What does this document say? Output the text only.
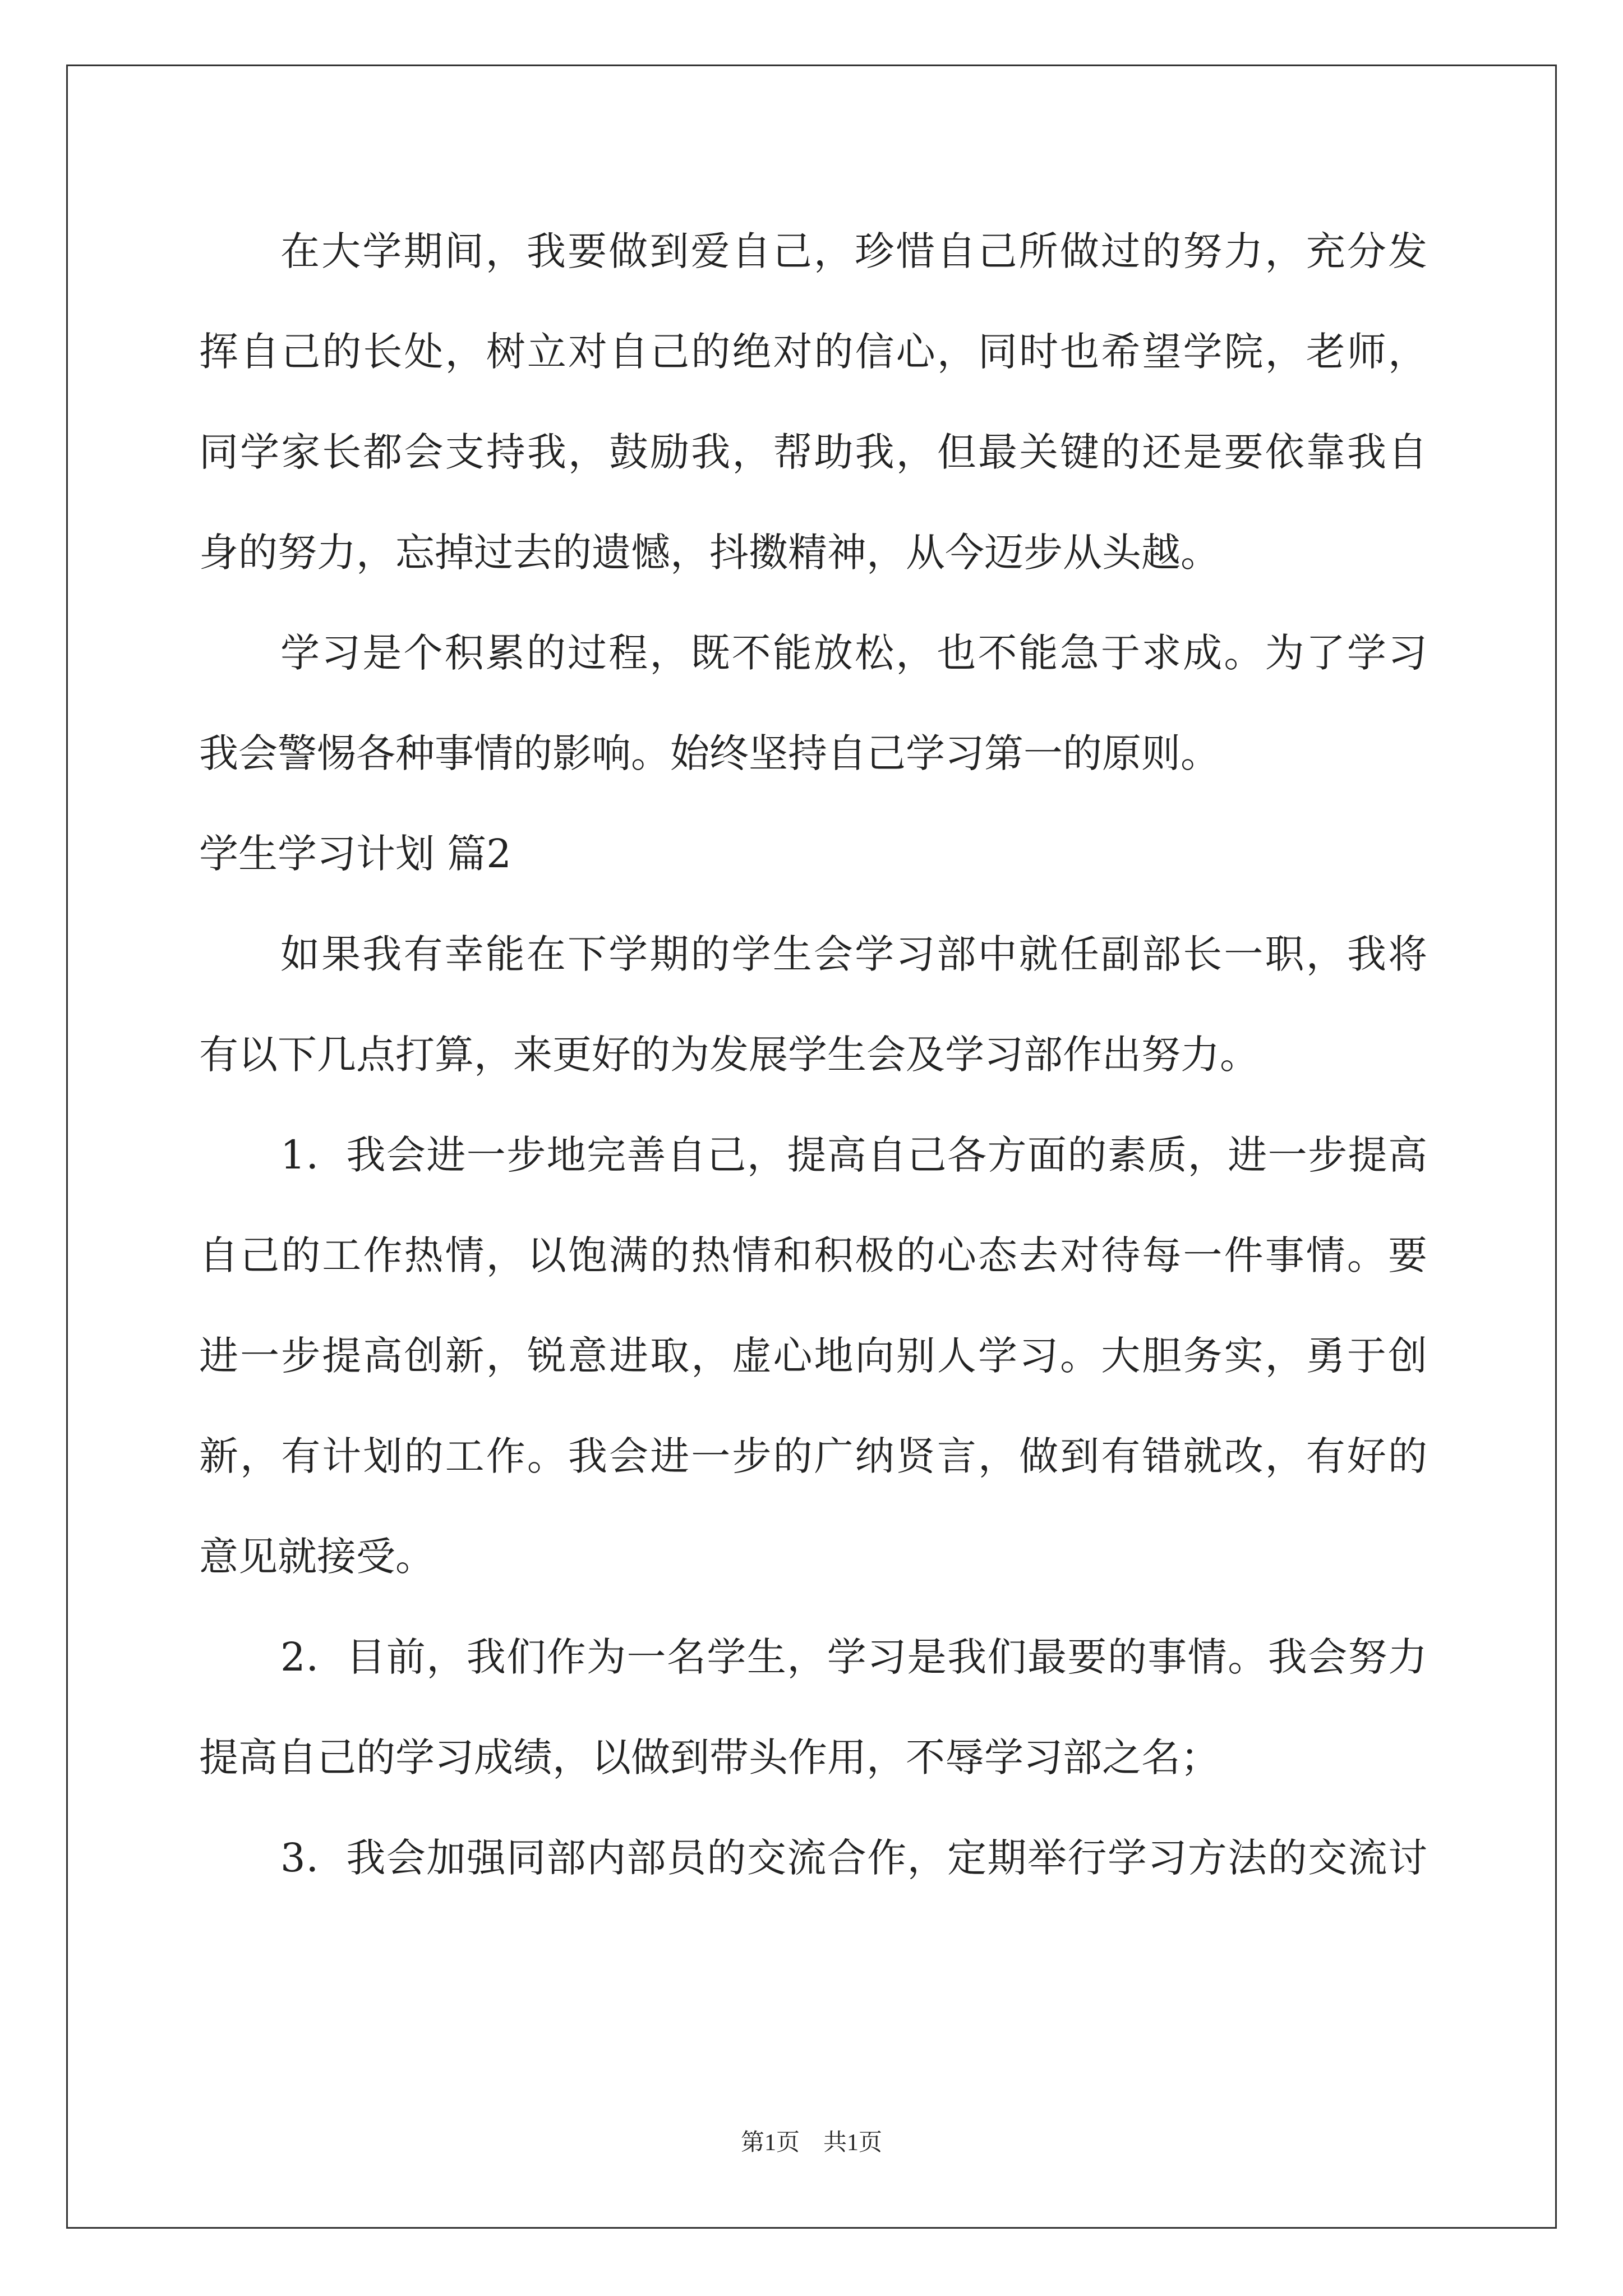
在大学期间，我要做到爱自己，珍惜自己所做过的努力，充分发
挥自己的长处，树立对自己的绝对的信心，同时也希望学院，老师，
同学家长都会支持我，鼓励我，帮助我，但最关键的还是要依靠我自
身的努力，忘掉过去的遗憾，抖擞精神，从今迈步从头越。
学习是个积累的过程，既不能放松，也不能急于求成。为了学习
我会警惕各种事情的影响。始终坚持自己学习第一的原则。
学生学习计划 篇2
如果我有幸能在下学期的学生会学习部中就任副部长一职，我将
有以下几点打算，来更好的为发展学生会及学习部作出努力。
1．我会进一步地完善自己，提高自己各方面的素质，进一步提高
自己的工作热情，以饱满的热情和积极的心态去对待每一件事情。要
进一步提高创新，锐意进取，虚心地向别人学习。大胆务实，勇于创
新，有计划的工作。我会进一步的广纳贤言，做到有错就改，有好的
意见就接受。
2．目前，我们作为一名学生，学习是我们最要的事情。我会努力
提高自己的学习成绩，以做到带头作用，不辱学习部之名；
3．我会加强同部内部员的交流合作，定期举行学习方法的交流讨
第1页　共1页
